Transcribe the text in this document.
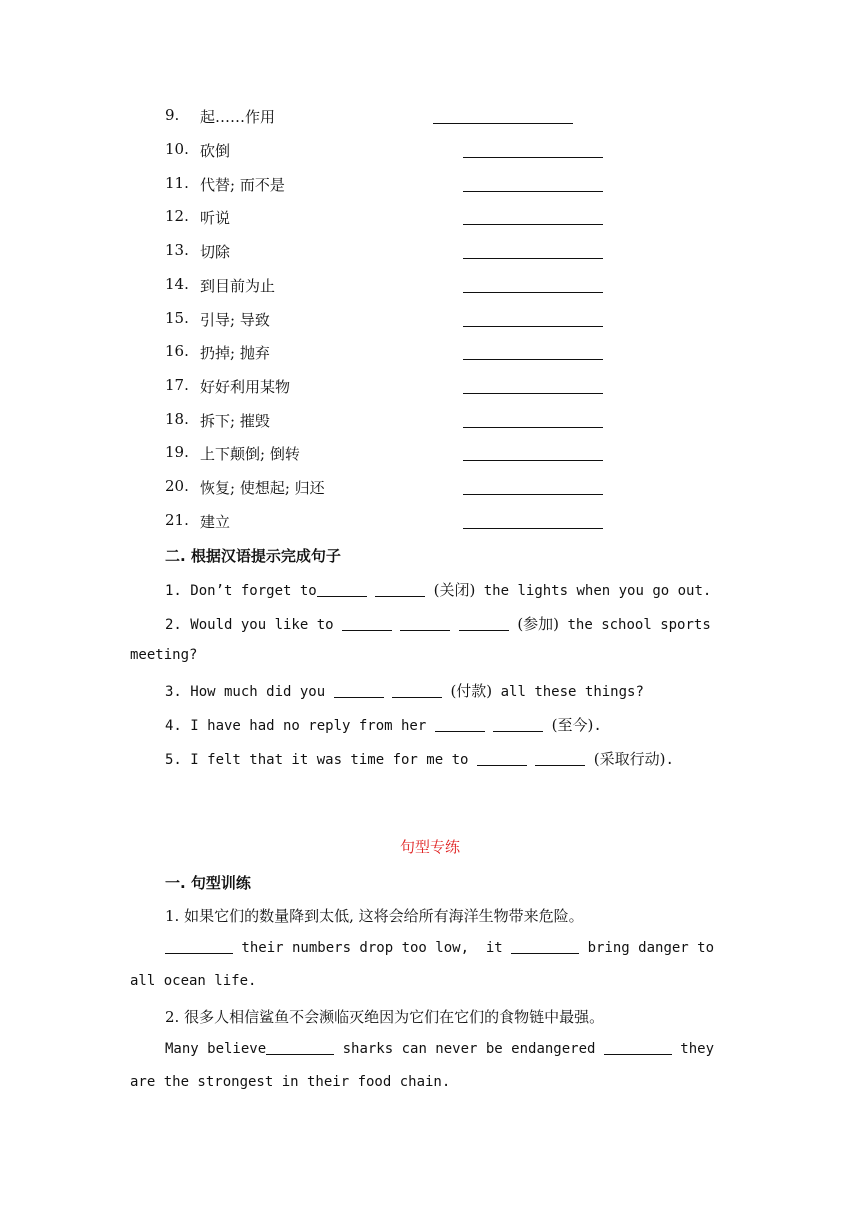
9. 起……作用
10. 砍倒
11. 代替; 而不是
12. 听说
13. 切除
14. 到目前为止
15. 引导; 导致
16. 扔掉; 抛弃
17. 好好利用某物
18. 拆下; 摧毁
19. 上下颠倒; 倒转
20. 恢复; 使想起; 归还
21. 建立
二. 根据汉语提示完成句子
1. Don’t forget to	(关闭) the lights when you go out.
2. Would you like to	(参加) the school sports
meeting?
3. How much did you	(付款) all these things?
4. I have had no reply from her	(至今).
5. I felt that it was time for me to	(采取行动).
句型专练
一. 句型训练
1. 如果它们的数量降到太低, 这将会给所有海洋生物带来危险。
their numbers drop too low,  it	bring danger to
all ocean life.
2. 很多人相信鲨鱼不会濒临灭绝因为它们在它们的食物链中最强。
Many believe	sharks can never be endangered	they
are the strongest in their food chain.
